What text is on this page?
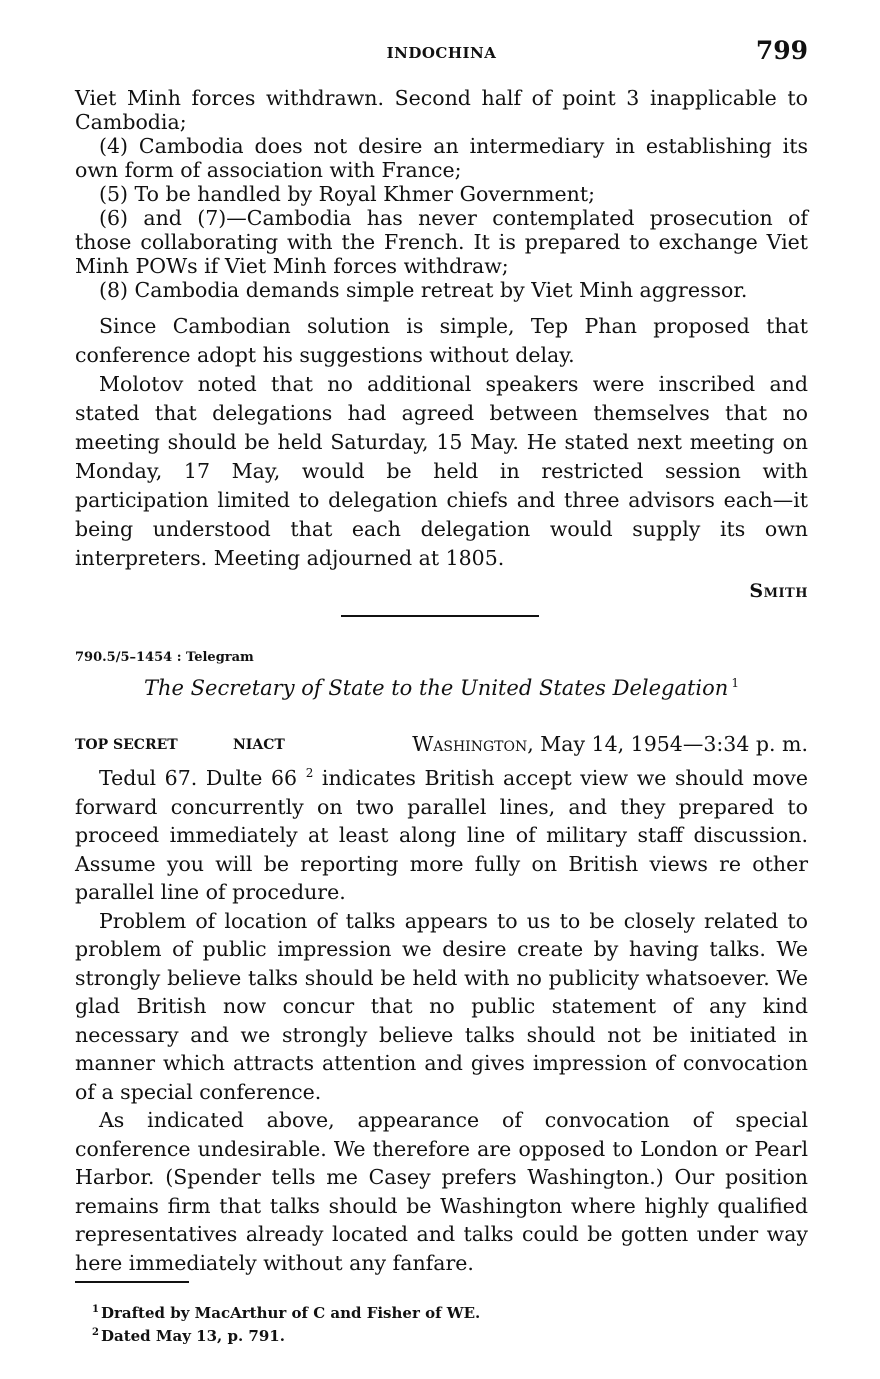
INDOCHINA	799

Viet Minh forces withdrawn. Second half of point 3 inapplicable to Cambodia;

(4) Cambodia does not desire an intermediary in establishing its own form of association with France;

(5) To be handled by Royal Khmer Government;

(6) and (7)—Cambodia has never contemplated prosecution of those collaborating with the French. It is prepared to exchange Viet Minh POWs if Viet Minh forces withdraw;

(8) Cambodia demands simple retreat by Viet Minh aggressor.

Since Cambodian solution is simple, Tep Phan proposed that conference adopt his suggestions without delay.

Molotov noted that no additional speakers were inscribed and stated that delegations had agreed between themselves that no meeting should be held Saturday, 15 May. He stated next meeting on Monday, 17 May, would be held in restricted session with participation limited to delegation chiefs and three advisors each—it being understood that each delegation would supply its own interpreters. Meeting adjourned at 1805.

Smith
790.5/5–1454 : Telegram
The Secretary of State to the United States Delegation $^1$
TOP SECRET	NIACT	Washington, May 14, 1954—3:34 p. m.

Tedul 67. Dulte 66 $^2$ indicates British accept view we should move forward concurrently on two parallel lines, and they prepared to proceed immediately at least along line of military staff discussion. Assume you will be reporting more fully on British views re other parallel line of procedure.

Problem of location of talks appears to us to be closely related to problem of public impression we desire create by having talks. We strongly believe talks should be held with no publicity whatsoever. We glad British now concur that no public statement of any kind necessary and we strongly believe talks should not be initiated in manner which attracts attention and gives impression of convocation of a special conference.

As indicated above, appearance of convocation of special conference undesirable. We therefore are opposed to London or Pearl Harbor. (Spender tells me Casey prefers Washington.) Our position remains firm that talks should be Washington where highly qualified representatives already located and talks could be gotten under way here immediately without any fanfare.

$^1$ Drafted by MacArthur of C and Fisher of WE.
$^2$ Dated May 13, p. 791.
